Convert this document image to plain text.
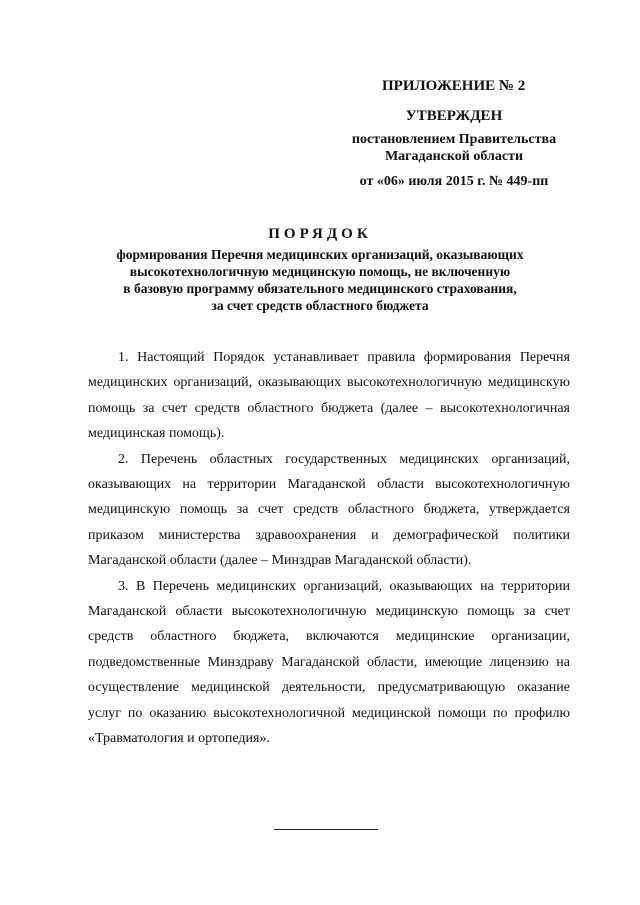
ПРИЛОЖЕНИЕ № 2
УТВЕРЖДЕН
постановлением Правительства
Магаданской области
от «06» июля 2015 г. № 449-пп
ПОРЯДОК
формирования Перечня медицинских организаций, оказывающих
высокотехнологичную медицинскую помощь, не включенную
в базовую программу обязательного медицинского страхования,
за счет средств областного бюджета

1. Настоящий Порядок устанавливает правила формирования Перечня медицинских организаций, оказывающих высокотехнологичную медицинскую помощь за счет средств областного бюджета (далее – высокотехнологичная медицинская помощь).

2. Перечень областных государственных медицинских организаций, оказывающих на территории Магаданской области высокотехнологичную медицинскую помощь за счет средств областного бюджета, утверждается приказом министерства здравоохранения и демографической политики Магаданской области (далее – Минздрав Магаданской области).

3. В Перечень медицинских организаций, оказывающих на территории Магаданской области высокотехнологичную медицинскую помощь за счет средств областного бюджета, включаются медицинские организации, подведомственные Минздраву Магаданской области, имеющие лицензию на осуществление медицинской деятельности, предусматривающую оказание услуг по оказанию высокотехнологичной медицинской помощи по профилю «Травматология и ортопедия».
